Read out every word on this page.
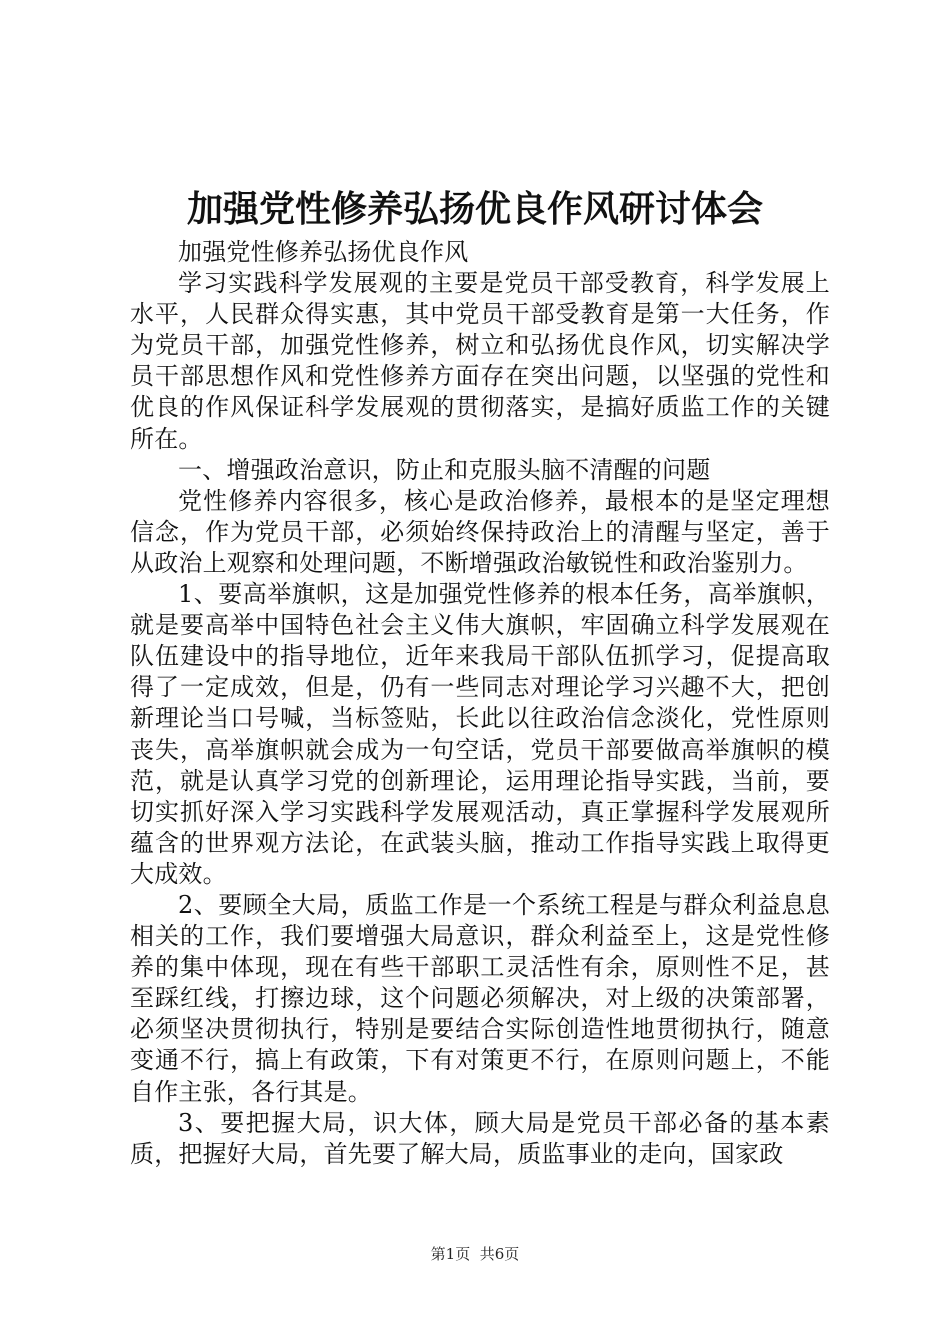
加强党性修养弘扬优良作风研讨体会

加强党性修养弘扬优良作风

学习实践科学发展观的主要是党员干部受教育，科学发展上水平，人民群众得实惠，其中党员干部受教育是第一大任务，作为党员干部，加强党性修养，树立和弘扬优良作风，切实解决学员干部思想作风和党性修养方面存在突出问题，以坚强的党性和优良的作风保证科学发展观的贯彻落实，是搞好质监工作的关键所在。

一、增强政治意识，防止和克服头脑不清醒的问题

党性修养内容很多，核心是政治修养，最根本的是坚定理想信念，作为党员干部，必须始终保持政治上的清醒与坚定，善于从政治上观察和处理问题，不断增强政治敏锐性和政治鉴别力。

1、要高举旗帜，这是加强党性修养的根本任务，高举旗帜，就是要高举中国特色社会主义伟大旗帜，牢固确立科学发展观在队伍建设中的指导地位，近年来我局干部队伍抓学习，促提高取得了一定成效，但是，仍有一些同志对理论学习兴趣不大，把创新理论当口号喊，当标签贴，长此以往政治信念淡化，党性原则丧失，高举旗帜就会成为一句空话，党员干部要做高举旗帜的模范，就是认真学习党的创新理论，运用理论指导实践，当前，要切实抓好深入学习实践科学发展观活动，真正掌握科学发展观所蕴含的世界观方法论，在武装头脑，推动工作指导实践上取得更大成效。

2、要顾全大局，质监工作是一个系统工程是与群众利益息息相关的工作，我们要增强大局意识，群众利益至上，这是党性修养的集中体现，现在有些干部职工灵活性有余，原则性不足，甚至踩红线，打擦边球，这个问题必须解决，对上级的决策部署，必须坚决贯彻执行，特别是要结合实际创造性地贯彻执行，随意变通不行，搞上有政策，下有对策更不行，在原则问题上，不能自作主张，各行其是。

3、要把握大局，识大体，顾大局是党员干部必备的基本素质，把握好大局，首先要了解大局，质监事业的走向，国家政

第1页 共6页
